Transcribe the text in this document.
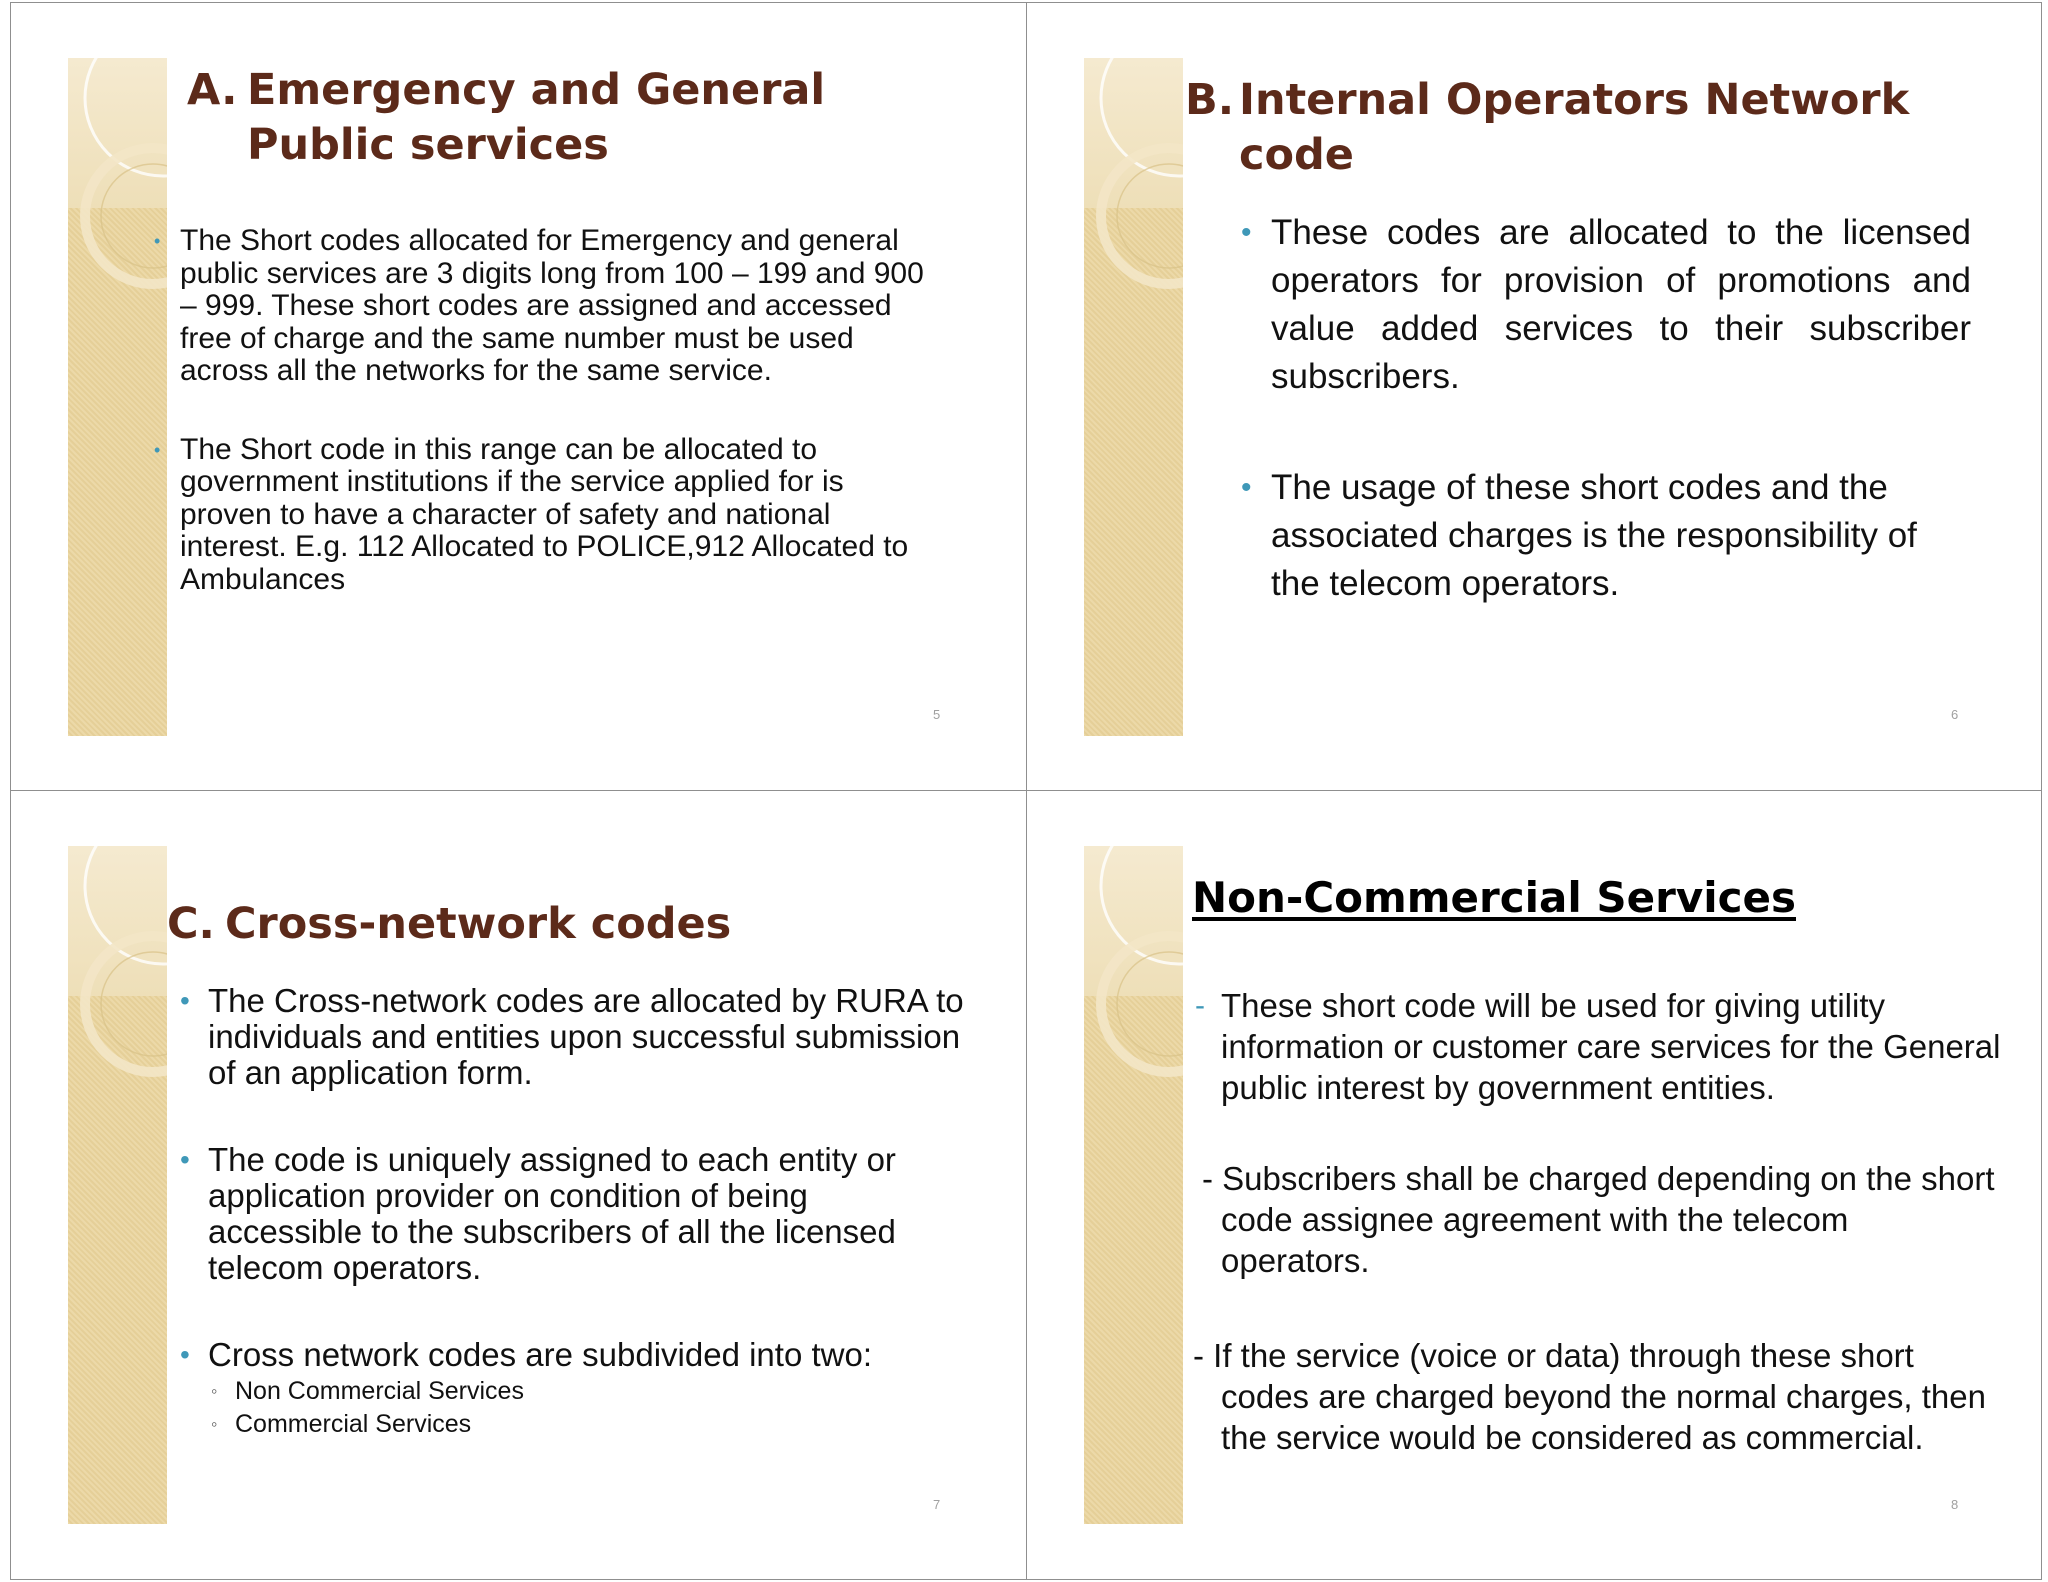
A. Emergency and General
Public services
• The Short codes allocated for Emergency and general public services are 3 digits long from 100 – 199 and 900 – 999. These short codes are assigned and accessed free of charge and the same number must be used across all the networks for the same service.
• The Short code in this range can be allocated to government institutions if the service applied for is proven to have a character of safety and national interest. E.g. 112 Allocated to POLICE,912 Allocated to Ambulances
5
B. Internal Operators Network
code
• These codes are allocated to the licensed operators for provision of promotions and value added services to their subscriber subscribers.
• The usage of these short codes and the associated charges is the responsibility of the telecom operators.
6
C. Cross-network codes
• The Cross-network codes are allocated by RURA to individuals and entities upon successful submission of an application form.
• The code is uniquely assigned to each entity or application provider on condition of being accessible to the subscribers of all the licensed telecom operators.
• Cross network codes are subdivided into two:
◦ Non Commercial Services
◦ Commercial Services
7
Non-Commercial Services
- These short code will be used for giving utility information or customer care services for the General public interest by government entities.
- Subscribers shall be charged depending on the short code assignee agreement with the telecom operators.
- If the service (voice or data) through these short codes are charged beyond the normal charges, then the service would be considered as commercial.
8
